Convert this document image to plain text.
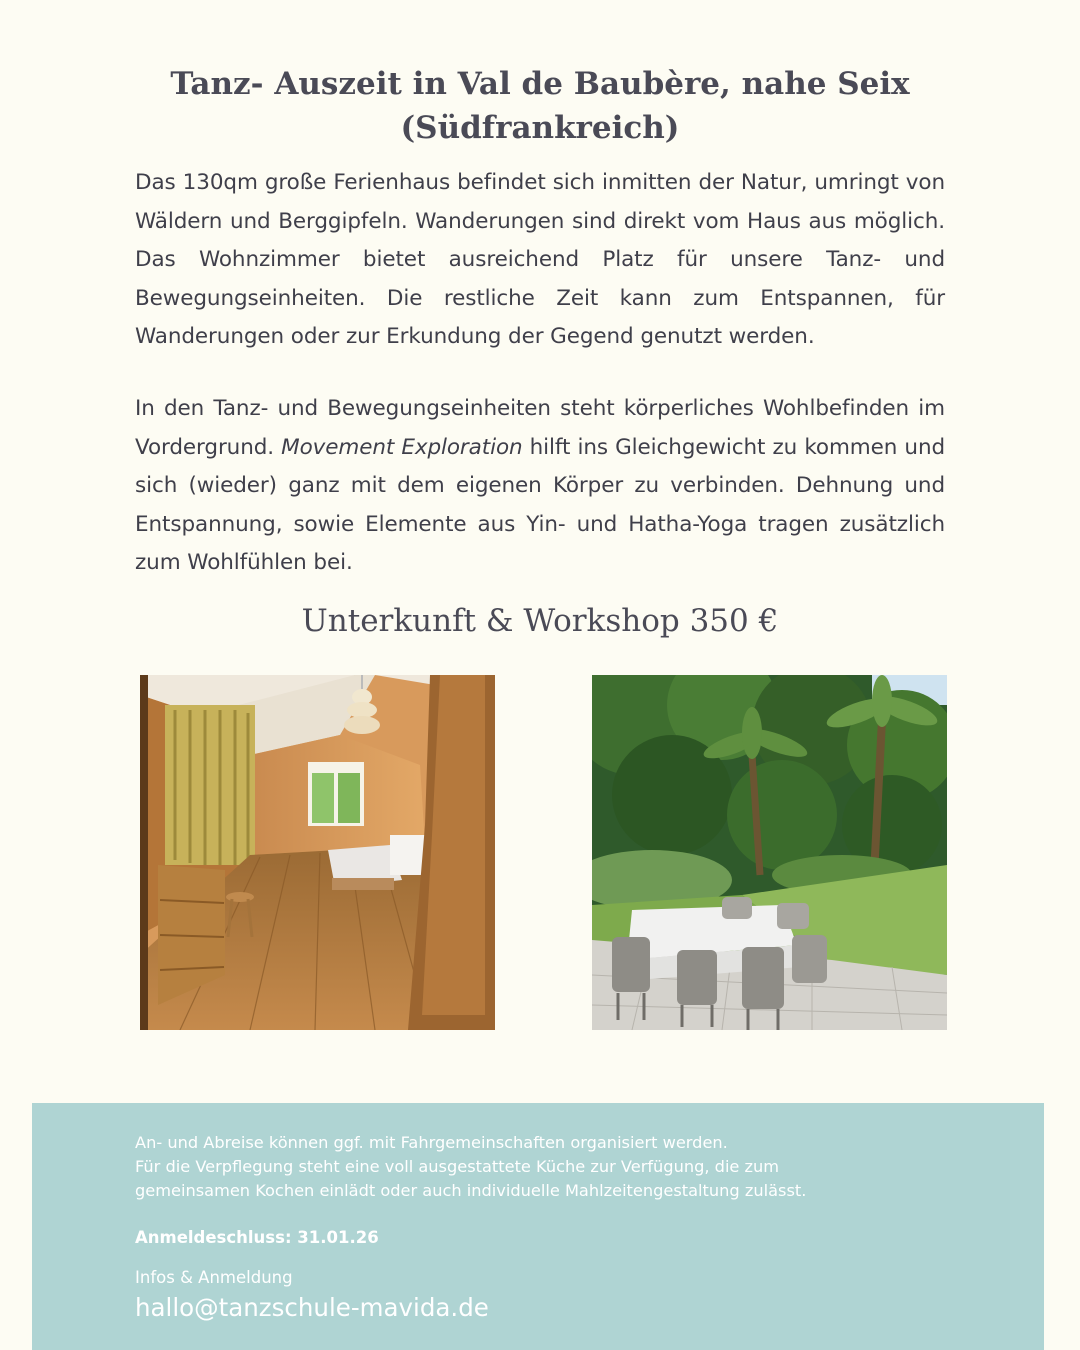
Tanz- Auszeit in Val de Baubère, nahe Seix
(Südfrankreich)

Das 130qm große Ferienhaus befindet sich inmitten der Natur, umringt von Wäldern und Berggipfeln. Wanderungen sind direkt vom Haus aus möglich. Das Wohnzimmer bietet ausreichend Platz für unsere Tanz- und Bewegungseinheiten. Die restliche Zeit kann zum Entspannen, für Wanderungen oder zur Erkundung der Gegend genutzt werden.

In den Tanz- und Bewegungseinheiten steht körperliches Wohlbefinden im Vordergrund. Movement Exploration hilft ins Gleichgewicht zu kommen und sich (wieder) ganz mit dem eigenen Körper zu verbinden. Dehnung und Entspannung, sowie Elemente aus Yin- und Hatha-Yoga tragen zusätzlich zum Wohlfühlen bei.

Unterkunft & Workshop 350 €
An- und Abreise können ggf. mit Fahrgemeinschaften organisiert werden.
Für die Verpflegung steht eine voll ausgestattete Küche zur Verfügung, die zum
gemeinsamen Kochen einlädt oder auch individuelle Mahlzeitengestaltung zulässt.
Anmeldeschluss: 31.01.26
Infos & Anmeldung
hallo@tanzschule-mavida.de
